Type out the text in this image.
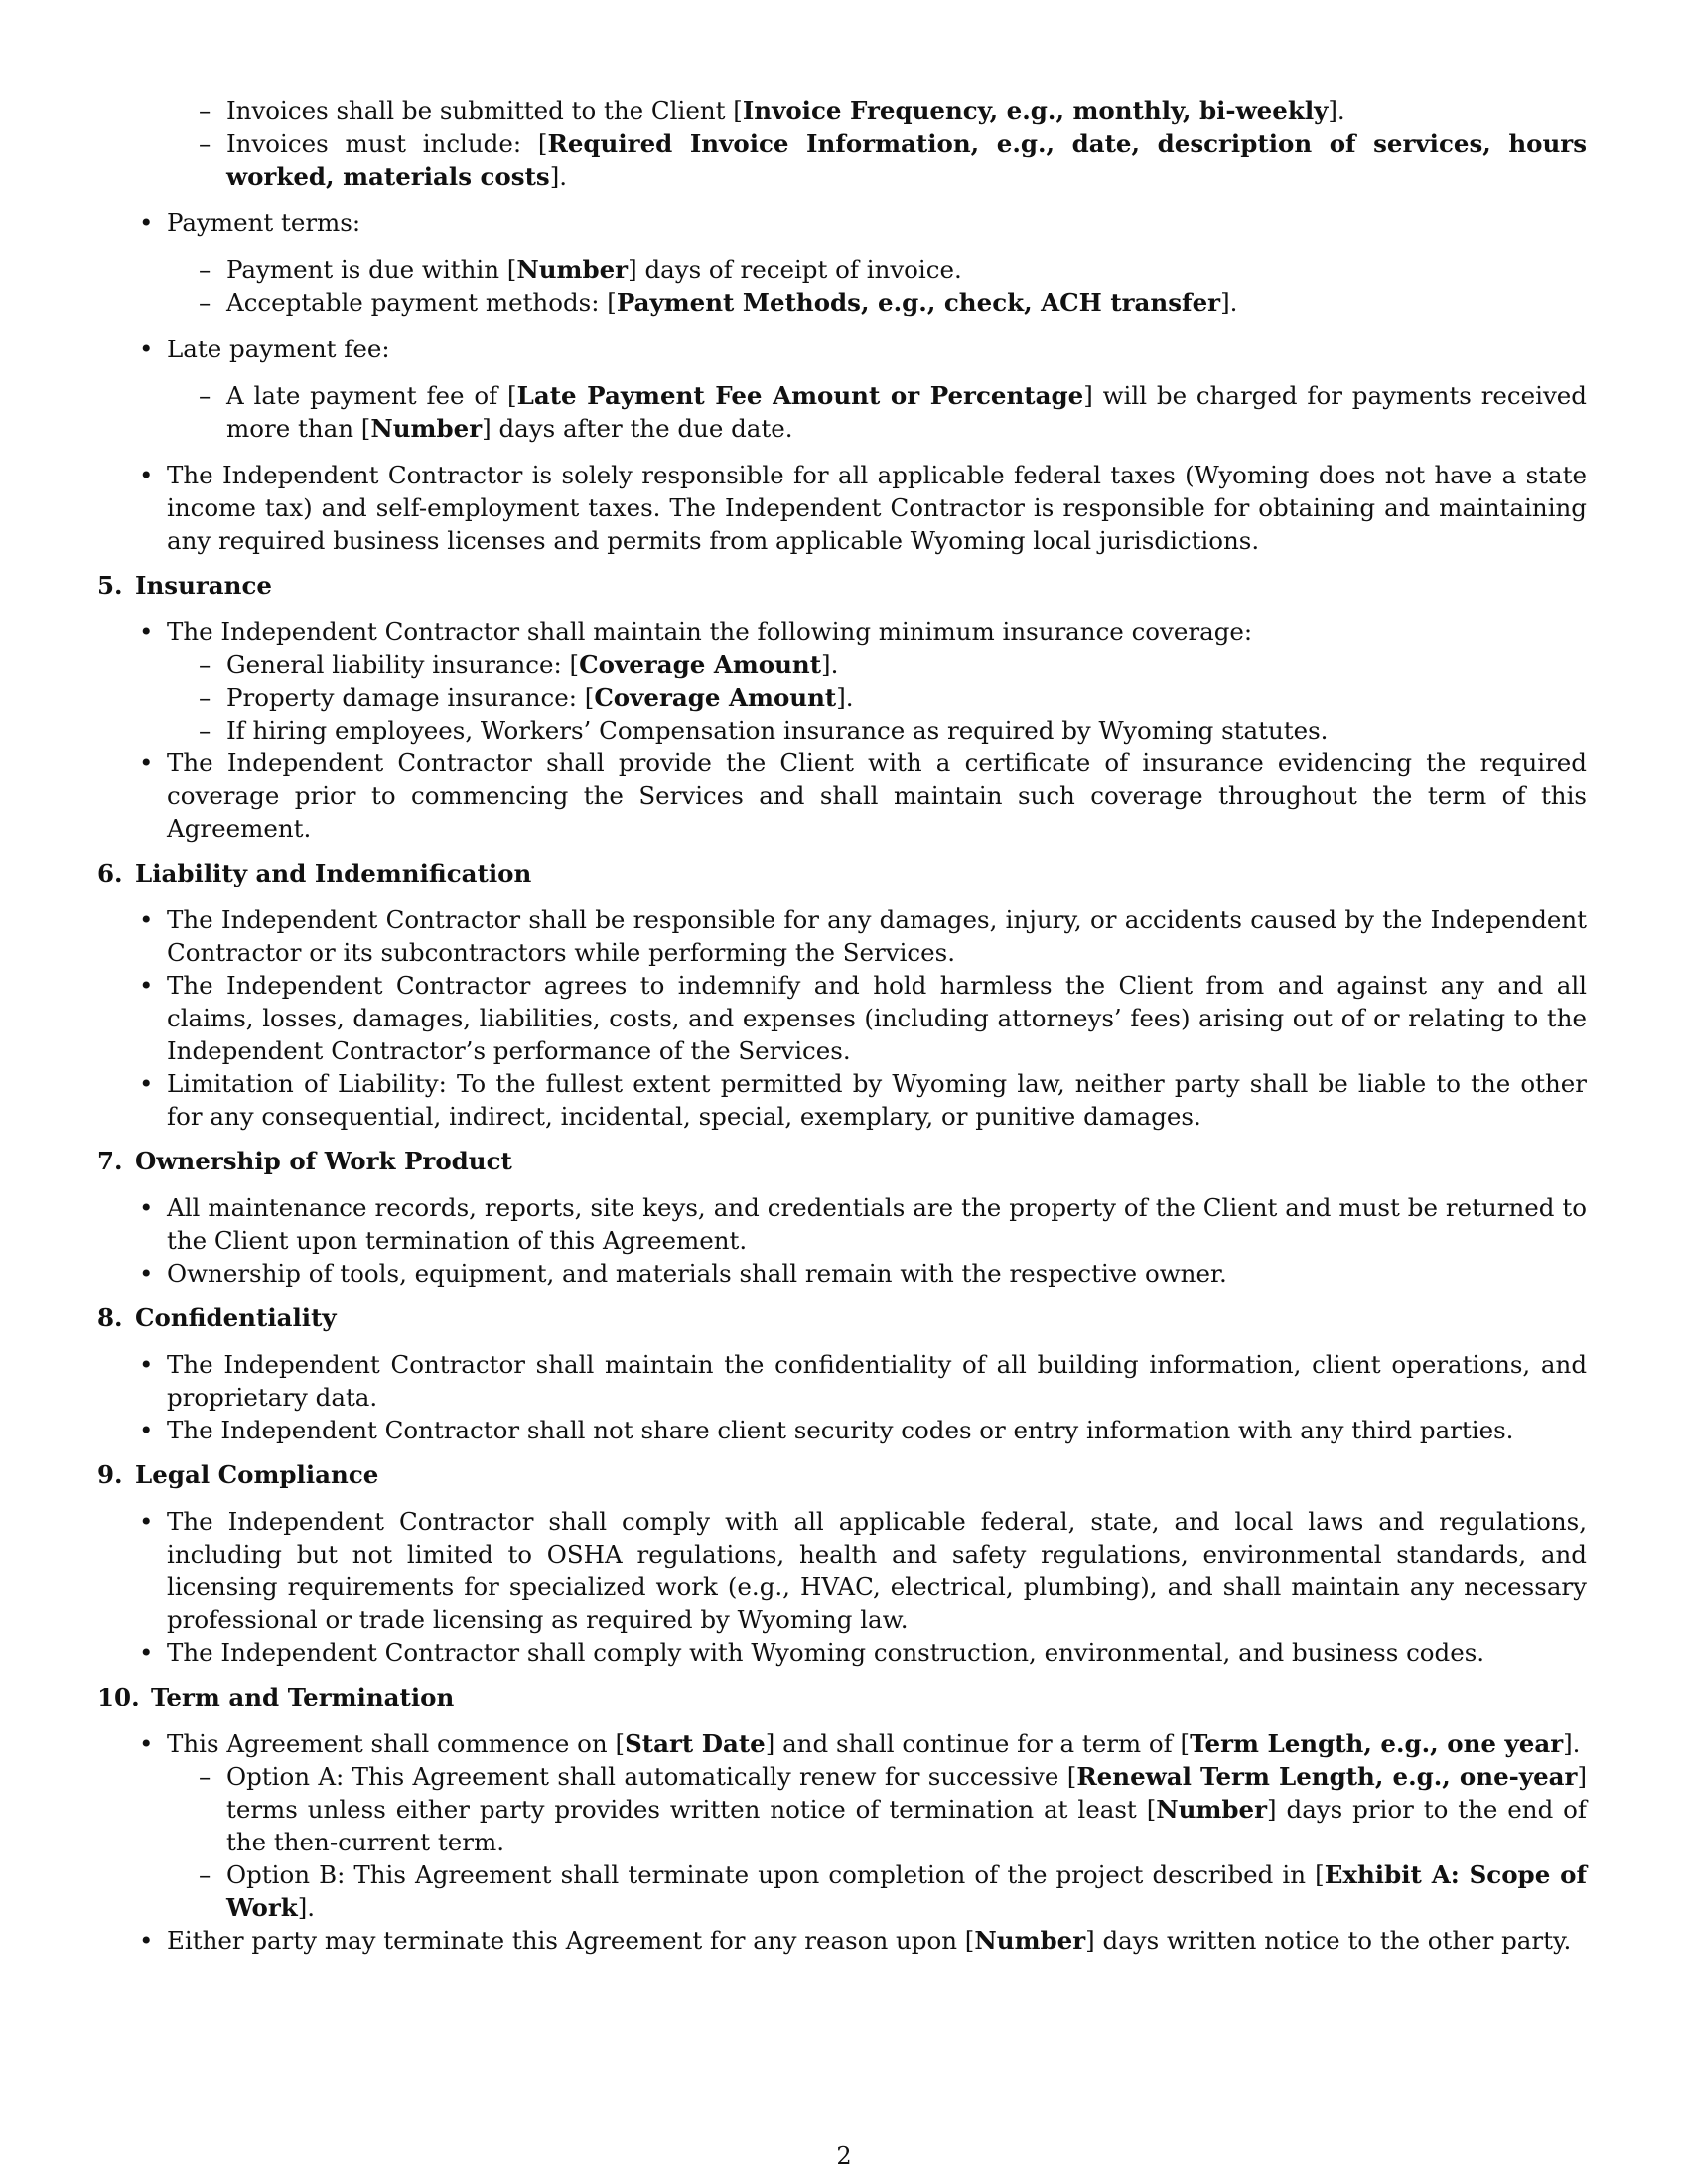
– Invoices shall be submitted to the Client [Invoice Frequency, e.g., monthly, bi-weekly].
– Invoices must include: [Required Invoice Information, e.g., date, description of services, hours worked, materials costs].
• Payment terms:
– Payment is due within [Number] days of receipt of invoice.
– Acceptable payment methods: [Payment Methods, e.g., check, ACH transfer].
• Late payment fee:
– A late payment fee of [Late Payment Fee Amount or Percentage] will be charged for payments received more than [Number] days after the due date.
• The Independent Contractor is solely responsible for all applicable federal taxes (Wyoming does not have a state income tax) and self-employment taxes. The Independent Contractor is responsible for obtaining and maintaining any required business licenses and permits from applicable Wyoming local jurisdictions.
5. Insurance
• The Independent Contractor shall maintain the following minimum insurance coverage:
– General liability insurance: [Coverage Amount].
– Property damage insurance: [Coverage Amount].
– If hiring employees, Workers’ Compensation insurance as required by Wyoming statutes.
• The Independent Contractor shall provide the Client with a certificate of insurance evidencing the required coverage prior to commencing the Services and shall maintain such coverage throughout the term of this Agreement.
6. Liability and Indemnification
• The Independent Contractor shall be responsible for any damages, injury, or accidents caused by the Independent Contractor or its subcontractors while performing the Services.
• The Independent Contractor agrees to indemnify and hold harmless the Client from and against any and all claims, losses, damages, liabilities, costs, and expenses (including attorneys’ fees) arising out of or relating to the Independent Contractor’s performance of the Services.
• Limitation of Liability: To the fullest extent permitted by Wyoming law, neither party shall be liable to the other for any consequential, indirect, incidental, special, exemplary, or punitive damages.
7. Ownership of Work Product
• All maintenance records, reports, site keys, and credentials are the property of the Client and must be returned to the Client upon termination of this Agreement.
• Ownership of tools, equipment, and materials shall remain with the respective owner.
8. Confidentiality
• The Independent Contractor shall maintain the confidentiality of all building information, client operations, and proprietary data.
• The Independent Contractor shall not share client security codes or entry information with any third parties.
9. Legal Compliance
• The Independent Contractor shall comply with all applicable federal, state, and local laws and regulations, including but not limited to OSHA regulations, health and safety regulations, environmental standards, and licensing requirements for specialized work (e.g., HVAC, electrical, plumbing), and shall maintain any necessary professional or trade licensing as required by Wyoming law.
• The Independent Contractor shall comply with Wyoming construction, environmental, and business codes.
10. Term and Termination
• This Agreement shall commence on [Start Date] and shall continue for a term of [Term Length, e.g., one year].
– Option A: This Agreement shall automatically renew for successive [Renewal Term Length, e.g., one-year] terms unless either party provides written notice of termination at least [Number] days prior to the end of the then-current term.
– Option B: This Agreement shall terminate upon completion of the project described in [Exhibit A: Scope of Work].
• Either party may terminate this Agreement for any reason upon [Number] days written notice to the other party.
2
